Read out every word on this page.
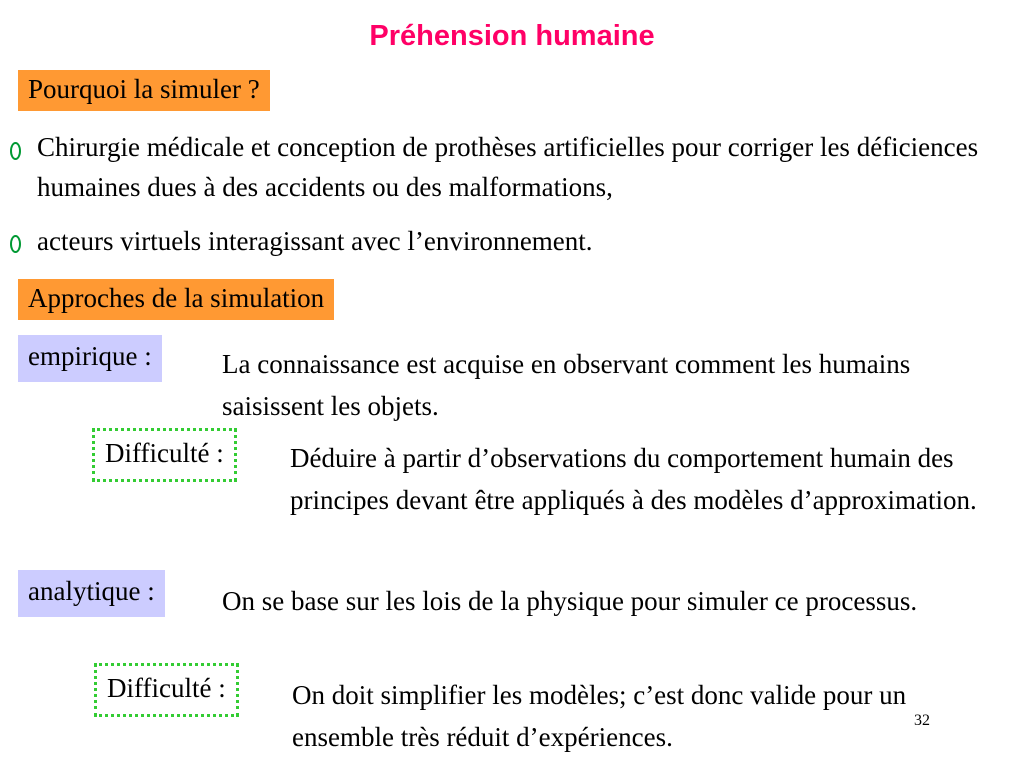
Préhension humaine
Pourquoi la simuler ?
Chirurgie médicale et conception de prothèses artificielles pour corriger les déficiences humaines dues à des accidents ou des malformations,
acteurs virtuels interagissant avec l’environnement.
Approches de la simulation
empirique :	La connaissance est acquise en observant comment les humains saisissent les objets.
Difficulté :	Déduire à partir d’observations du comportement humain des principes devant être appliqués à des modèles d’approximation.
analytique :	On se base sur les lois de la physique pour simuler ce processus.
Difficulté :	On doit simplifier les modèles; c’est donc valide pour un ensemble très réduit d’expériences.
32
